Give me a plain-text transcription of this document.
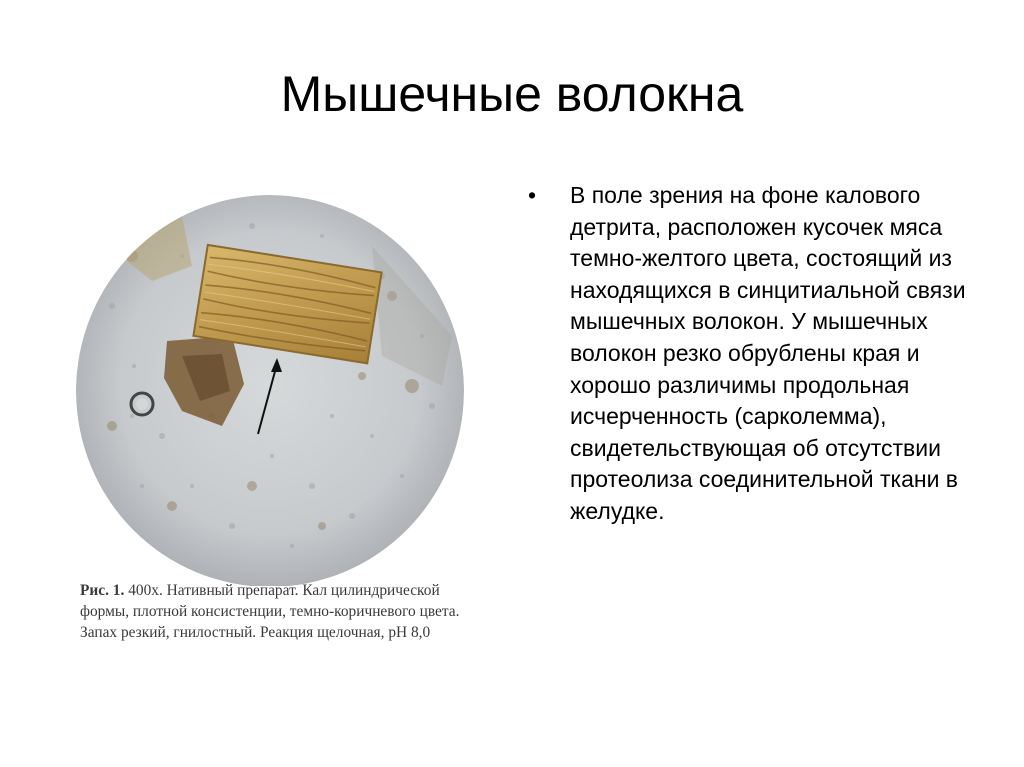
Мышечные волокна
Рис. 1. 400х. Нативный препарат. Кал цилиндрической формы, плотной консистенции, темно-коричневого цвета. Запах резкий, гнилостный. Реакция щелочная, рН 8,0
• В поле зрения на фоне калового детрита, расположен кусочек мяса темно-желтого цвета, состоящий из находящихся в синцитиальной связи мышечных волокон. У мышечных волокон резко обрублены края и хорошо различимы продольная исчерченность (сарколемма), свидетельствующая об отсутствии протеолиза соединительной ткани в желудке.
